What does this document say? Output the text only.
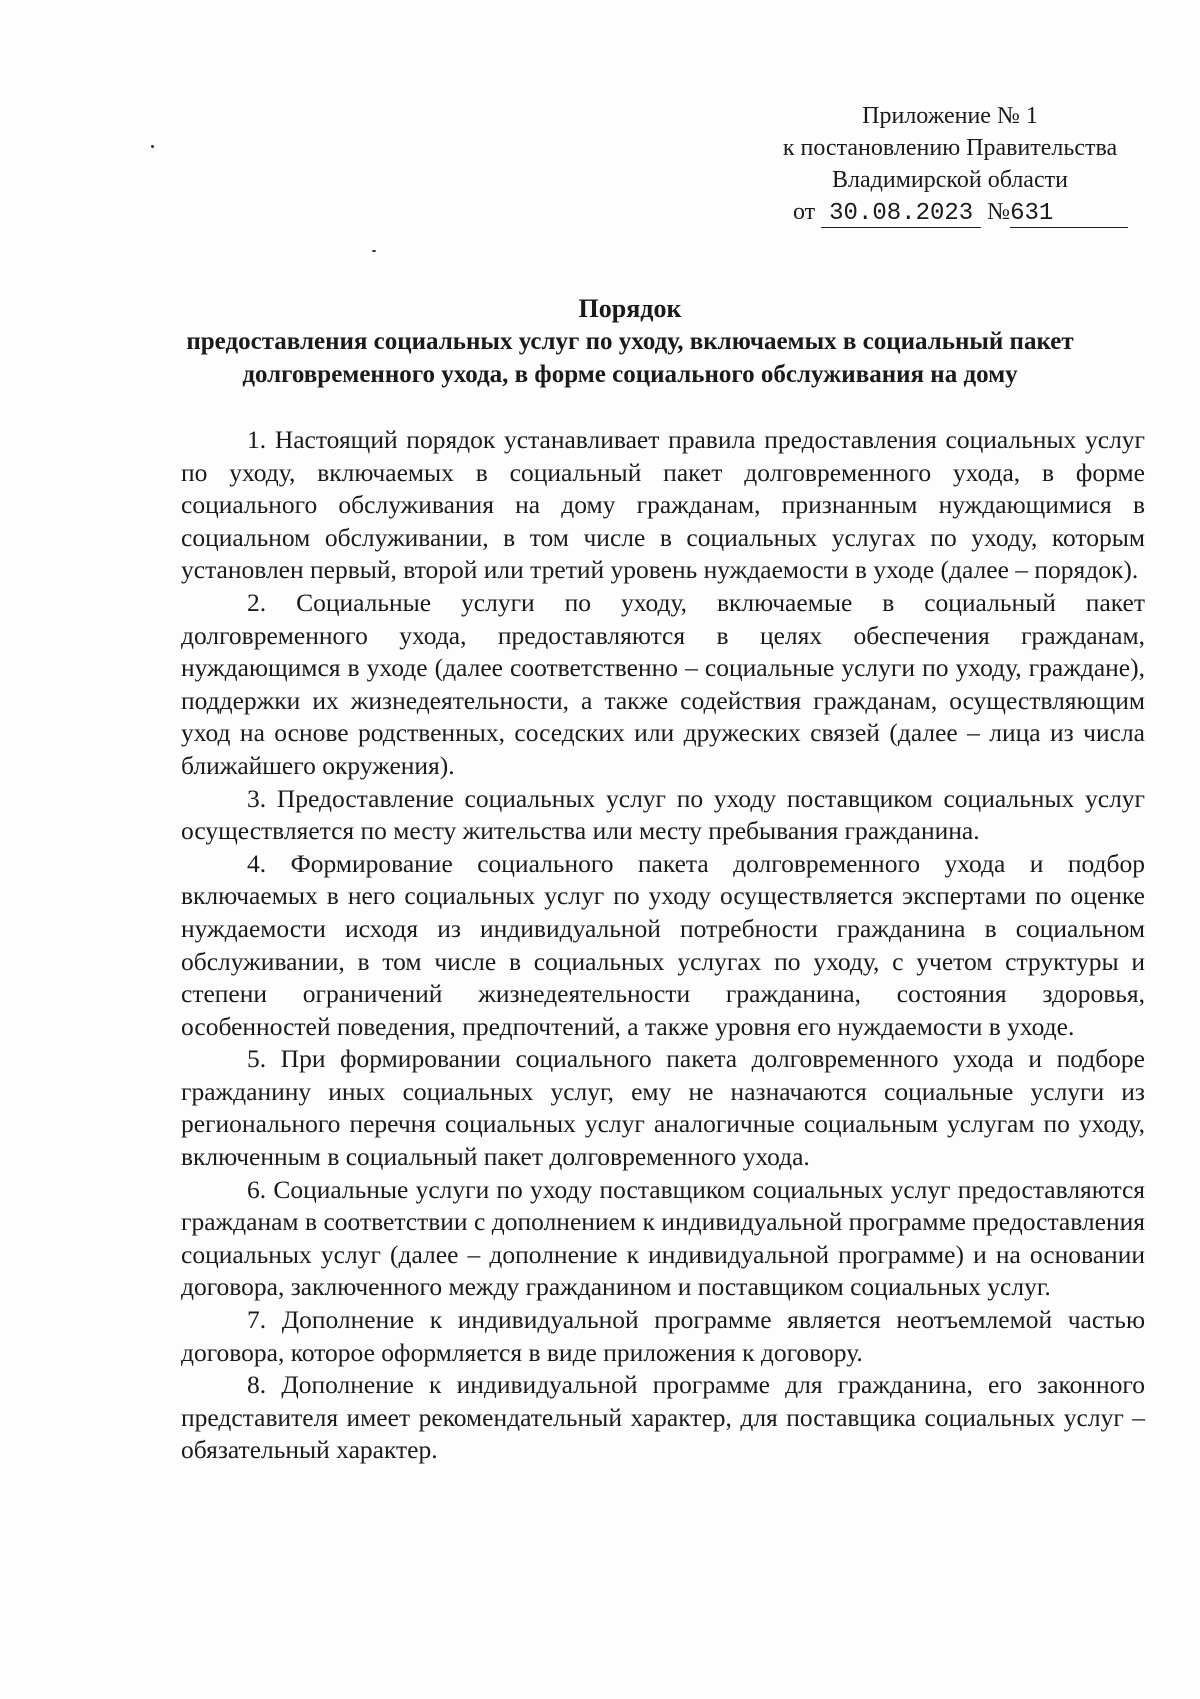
Приложение № 1
к постановлению Правительства
Владимирской области
от 30.08.2023 №631
Порядок
предоставления социальных услуг по уходу, включаемых в социальный пакет долговременного ухода, в форме социального обслуживания на дому

1. Настоящий порядок устанавливает правила предоставления социальных услуг по уходу, включаемых в социальный пакет долговременного ухода, в форме социального обслуживания на дому гражданам, признанным нуждающимися в социальном обслуживании, в том числе в социальных услугах по уходу, которым установлен первый, второй или третий уровень нуждаемости в уходе (далее – порядок).

2. Социальные услуги по уходу, включаемые в социальный пакет долговременного ухода, предоставляются в целях обеспечения гражданам, нуждающимся в уходе (далее соответственно – социальные услуги по уходу, граждане), поддержки их жизнедеятельности, а также содействия гражданам, осуществляющим уход на основе родственных, соседских или дружеских связей (далее – лица из числа ближайшего окружения).

3. Предоставление социальных услуг по уходу поставщиком социальных услуг осуществляется по месту жительства или месту пребывания гражданина.

4. Формирование социального пакета долговременного ухода и подбор включаемых в него социальных услуг по уходу осуществляется экспертами по оценке нуждаемости исходя из индивидуальной потребности гражданина в социальном обслуживании, в том числе в социальных услугах по уходу, с учетом структуры и степени ограничений жизнедеятельности гражданина, состояния здоровья, особенностей поведения, предпочтений, а также уровня его нуждаемости в уходе.

5. При формировании социального пакета долговременного ухода и подборе гражданину иных социальных услуг, ему не назначаются социальные услуги из регионального перечня социальных услуг аналогичные социальным услугам по уходу, включенным в социальный пакет долговременного ухода.

6. Социальные услуги по уходу поставщиком социальных услуг предоставляются гражданам в соответствии с дополнением к индивидуальной программе предоставления социальных услуг (далее – дополнение к индивидуальной программе) и на основании договора, заключенного между гражданином и поставщиком социальных услуг.

7. Дополнение к индивидуальной программе является неотъемлемой частью договора, которое оформляется в виде приложения к договору.

8. Дополнение к индивидуальной программе для гражданина, его законного представителя имеет рекомендательный характер, для поставщика социальных услуг – обязательный характер.
